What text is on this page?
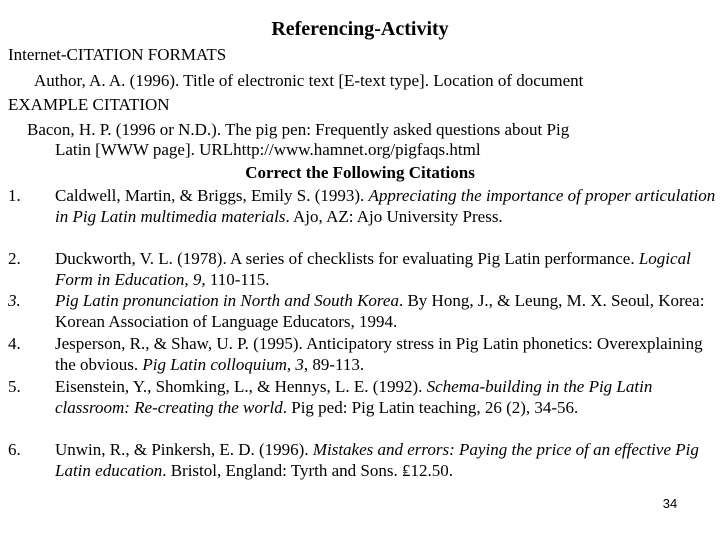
Referencing-Activity
Internet-CITATION FORMATS
Author, A. A. (1996). Title of electronic text [E-text type]. Location of document
EXAMPLE CITATION
Bacon, H. P. (1996 or N.D.). The pig pen: Frequently asked questions about Pig
Latin [WWW page]. URLhttp://www.hamnet.org/pigfaqs.html
Correct the Following Citations
1. Caldwell, Martin, & Briggs, Emily S. (1993). Appreciating the importance of proper articulation in Pig Latin multimedia materials. Ajo, AZ: Ajo University Press.
2. Duckworth, V. L. (1978). A series of checklists for evaluating Pig Latin performance. Logical Form in Education, 9, 110-115.
3. Pig Latin pronunciation in North and South Korea. By Hong, J., & Leung, M. X. Seoul, Korea: Korean Association of Language Educators, 1994.
4. Jesperson, R., & Shaw, U. P. (1995). Anticipatory stress in Pig Latin phonetics: Overexplaining the obvious. Pig Latin colloquium, 3, 89-113.
5. Eisenstein, Y., Shomking, L., & Hennys, L. E. (1992). Schema-building in the Pig Latin classroom: Re-creating the world. Pig ped: Pig Latin teaching, 26 (2), 34-56.
6. Unwin, R., & Pinkersh, E. D. (1996). Mistakes and errors: Paying the price of an effective Pig Latin education. Bristol, England: Tyrth and Sons. ₤12.50.
34
